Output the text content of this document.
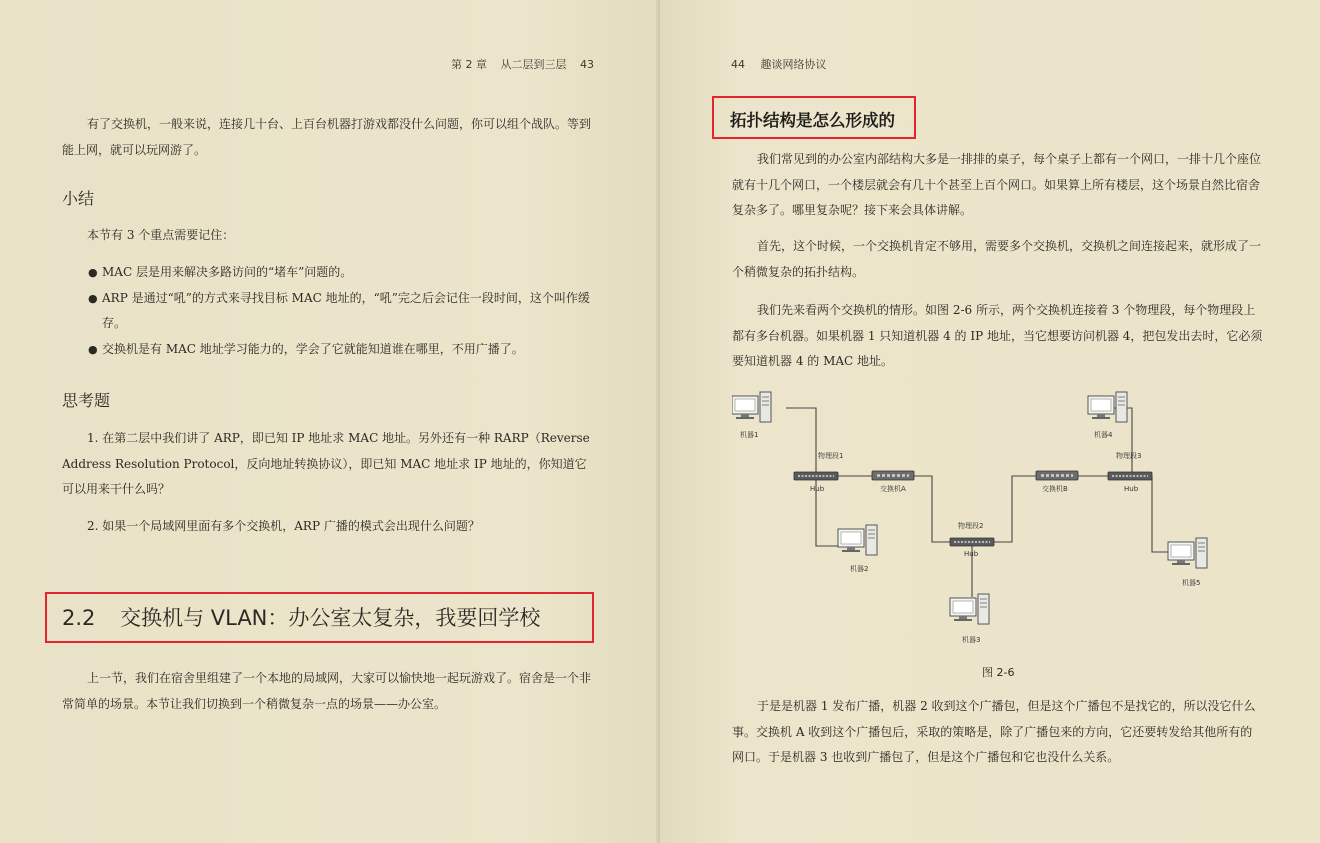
第 2 章 从二层到三层 43

有了交换机，一般来说，连接几十台、上百台机器打游戏都没什么问题，你可以组个战队。等到能上网，就可以玩网游了。

小结

本节有 3 个重点需要记住：

● MAC 层是用来解决多路访问的“堵车”问题的。
● ARP 是通过“吼”的方式来寻找目标 MAC 地址的，“吼”完之后会记住一段时间，这个叫作缓存。
● 交换机是有 MAC 地址学习能力的，学会了它就能知道谁在哪里，不用广播了。
思考题

1. 在第二层中我们讲了 ARP，即已知 IP 地址求 MAC 地址。另外还有一种 RARP（Reverse Address Resolution Protocol，反向地址转换协议），即已知 MAC 地址求 IP 地址的，你知道它可以用来干什么吗？

2. 如果一个局域网里面有多个交换机，ARP 广播的模式会出现什么问题？

2.2 交换机与 VLAN：办公室太复杂，我要回学校

上一节，我们在宿舍里组建了一个本地的局域网，大家可以愉快地一起玩游戏了。宿舍是一个非常简单的场景。本节让我们切换到一个稍微复杂一点的场景——办公室。

44 趣谈网络协议
拓扑结构是怎么形成的

我们常见到的办公室内部结构大多是一排排的桌子，每个桌子上都有一个网口，一排十几个座位就有十几个网口，一个楼层就会有几十个甚至上百个网口。如果算上所有楼层，这个场景自然比宿舍复杂多了。哪里复杂呢？接下来会具体讲解。

首先，这个时候，一个交换机肯定不够用，需要多个交换机，交换机之间连接起来，就形成了一个稍微复杂的拓扑结构。

我们先来看两个交换机的情形。如图 2-6 所示，两个交换机连接着 3 个物理段，每个物理段上都有多台机器。如果机器 1 只知道机器 4 的 IP 地址，当它想要访问机器 4，把包发出去时，它必须要知道机器 4 的 MAC 地址。

机器1
物理段1
Hub	交换机A
机器2
物理段2
Hub
机器3
交换机B
物理段3
Hub
机器4
机器5
图 2-6

于是是机器 1 发布广播，机器 2 收到这个广播包，但是这个广播包不是找它的，所以没它什么事。交换机 A 收到这个广播包后，采取的策略是，除了广播包来的方向，它还要转发给其他所有的网口。于是机器 3 也收到广播包了，但是这个广播包和它也没什么关系。
